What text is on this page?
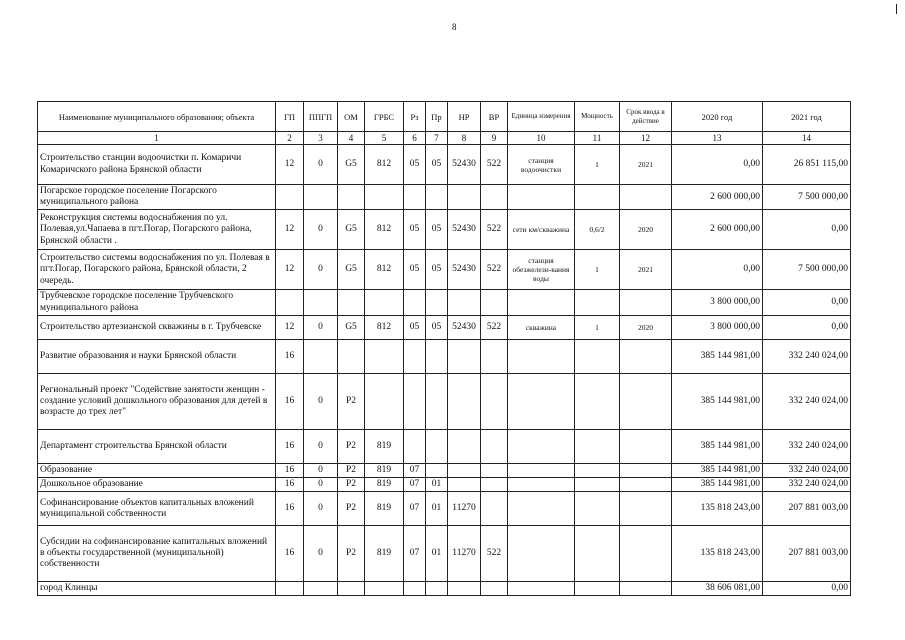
8
Наименование муниципального образования; объекта	ГП	ППГП	ОМ	ГРБС	Рз	Пр	НР	ВР	Единица измерения	Мощность	Срок ввода в действие	2020 год	2021 год
1	2	3	4	5	6	7	8	9	10	11	12	13	14
Строительство станции водоочистки п. Комаричи Комаричского района Брянской области	12	0	G5	812	05	05	52430	522	станция водоочистки	1	2021	0,00	26 851 115,00
Погарское городское поселение Погарского муниципального района												2 600 000,00	7 500 000,00
Реконструкция системы водоснабжения по ул. Полевая,ул.Чапаева в пгт.Погар, Погарского района, Брянской области .	12	0	G5	812	05	05	52430	522	сети км/скважина	0,6/2	2020	2 600 000,00	0,00
Строительство системы водоснабжения по ул. Полевая в пгт.Погар, Погарского района, Брянской области, 2 очередь.	12	0	G5	812	05	05	52430	522	станция обезжелези-вания воды	1	2021	0,00	7 500 000,00
Трубчевское городское поселение Трубчевского муниципального района												3 800 000,00	0,00
Строительство артезианской скважины в г. Трубчевске	12	0	G5	812	05	05	52430	522	скважина	1	2020	3 800 000,00	0,00
Развитие образования и науки Брянской области	16											385 144 981,00	332 240 024,00
Региональный проект "Содействие занятости женщин - создание условий дошкольного образования для детей в возрасте до трех лет"	16	0	P2									385 144 981,00	332 240 024,00
Департамент строительства Брянской области	16	0	P2	819								385 144 981,00	332 240 024,00
Образование	16	0	P2	819	07							385 144 981,00	332 240 024,00
Дошкольное образование	16	0	P2	819	07	01						385 144 981,00	332 240 024,00
Софинансирование объектов капитальных вложений муниципальной собственности	16	0	P2	819	07	01	11270					135 818 243,00	207 881 003,00
Субсидии на софинансирование капитальных вложений в объекты государственной (муниципальной) собственности	16	0	P2	819	07	01	11270	522				135 818 243,00	207 881 003,00
город Клинцы												38 606 081,00	0,00
